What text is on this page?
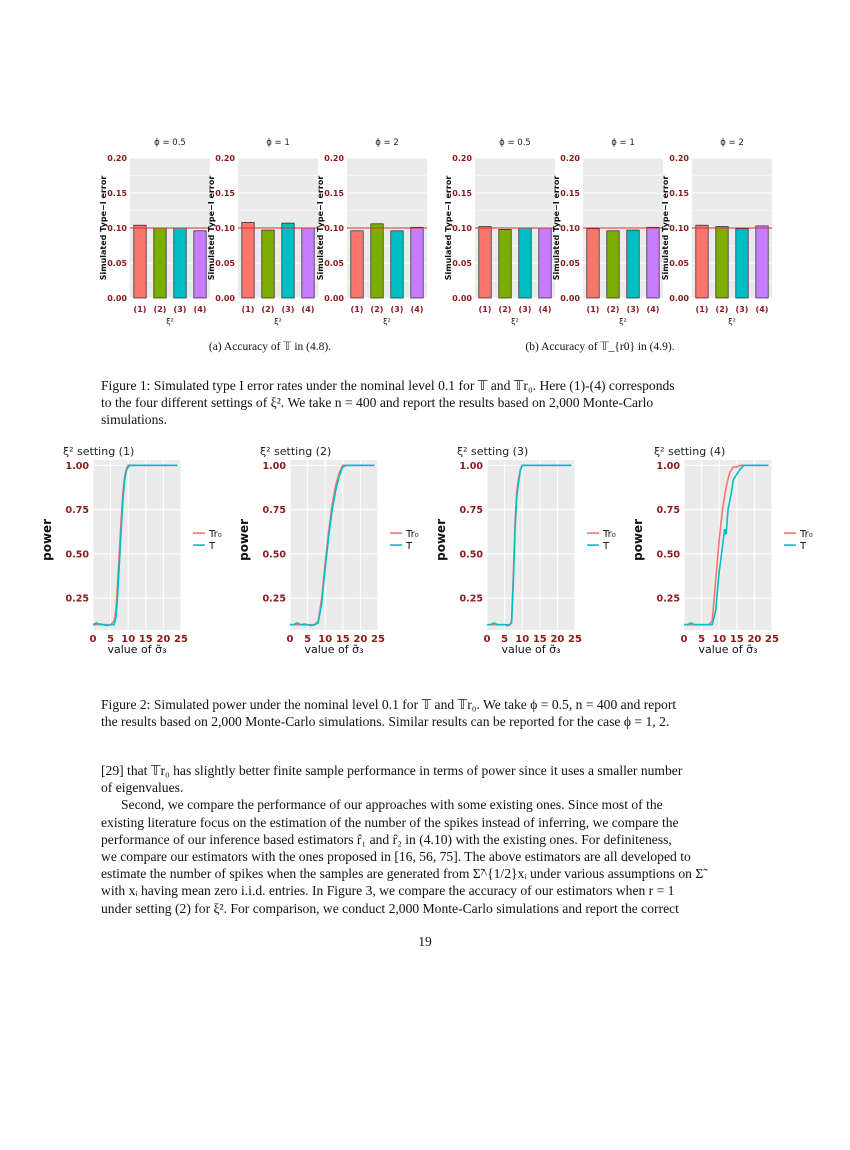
ϕ = 0.5
0.00
0.05
0.10
0.15
0.20
Simulated Type−I error
(1) (2) (3) (4)
ξ²
ϕ = 1
0.00
0.05
0.10
0.15
0.20
Simulated Type−I error
(1) (2) (3) (4)
ξ²
ϕ = 2
0.00
0.05
0.10
0.15
0.20
Simulated Type−I error
(1) (2) (3) (4)
ξ²
ϕ = 0.5
0.00
0.05
0.10
0.15
0.20
Simulated Type−I error
(1) (2) (3) (4)
ξ²
ϕ = 1
0.00
0.05
0.10
0.15
0.20
Simulated Type−I error
(1) (2) (3) (4)
ξ²
ϕ = 2
0.00
0.05
0.10
0.15
0.20
Simulated Type−I error
(1) (2) (3) (4)
ξ²
(a) Accuracy of 𝕋 in (4.8).	(b) Accuracy of 𝕋_{r0} in (4.9).
Figure 1: Simulated type I error rates under the nominal level 0.1 for 𝕋 and 𝕋r₀. Here (1)-(4) corresponds
to the four different settings of ξ². We take n = 400 and report the results based on 2,000 Monte-Carlo
simulations.
ξ² setting (1)
0.25
0.50
0.75
1.00
0 5 10 15 20 25
value of σ̃₃
power	Tr₀
T
ξ² setting (2)
0.25
0.50
0.75
1.00
0 5 10 15 20 25
value of σ̃₃
power	Tr₀
T
ξ² setting (3)
0.25
0.50
0.75
1.00
0 5 10 15 20 25
value of σ̃₃
power	Tr₀
T
ξ² setting (4)
0.25
0.50
0.75
1.00
0 5 10 15 20 25
value of σ̃₃
power	Tr₀
T
Figure 2: Simulated power under the nominal level 0.1 for 𝕋 and 𝕋r₀. We take ϕ = 0.5, n = 400 and report
the results based on 2,000 Monte-Carlo simulations. Similar results can be reported for the case ϕ = 1, 2.

[29] that 𝕋r₀ has slightly better finite sample performance in terms of power since it uses a smaller number

of eigenvalues.

Second, we compare the performance of our approaches with some existing ones. Since most of the

existing literature focus on the estimation of the number of the spikes instead of inferring, we compare the

performance of our inference based estimators r̂₁ and r̂₂ in (4.10) with the existing ones. For definiteness,

we compare our estimators with the ones proposed in [16, 56, 75]. The above estimators are all developed to

estimate the number of spikes when the samples are generated from Σ̃^{1/2}xᵢ under various assumptions on Σ̃

with xᵢ having mean zero i.i.d. entries. In Figure 3, we compare the accuracy of our estimators when r = 1

under setting (2) for ξ². For comparison, we conduct 2,000 Monte-Carlo simulations and report the correct

19
